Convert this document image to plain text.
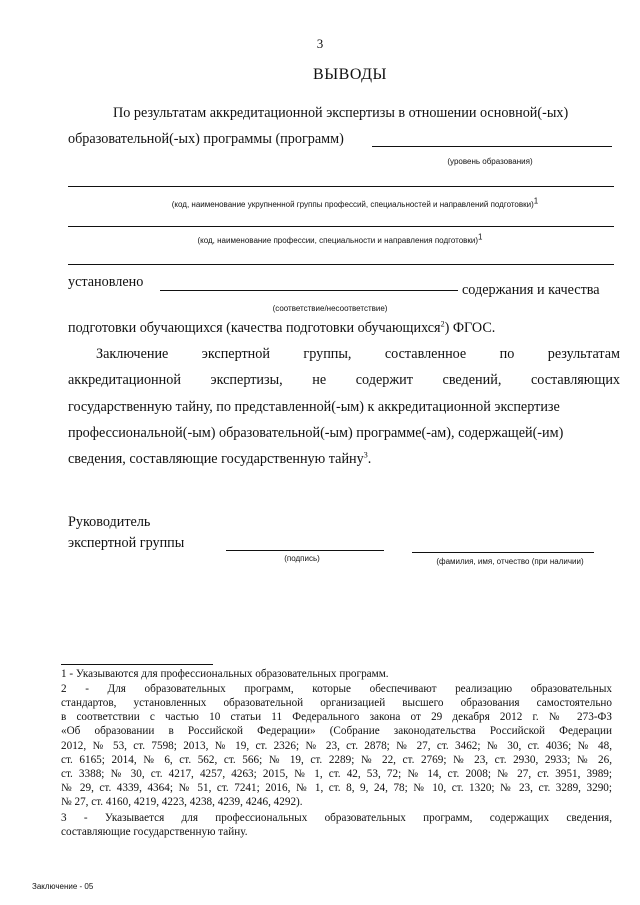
3
ВЫВОДЫ
По результатам аккредитационной экспертизы в отношении основной(-ых)
образовательной(-ых) программы (программ)
(уровень образования)
(код, наименование укрупненной группы профессий, специальностей и направлений подготовки)$^1$
(код, наименование профессии, специальности и направления подготовки)$^1$
установлено	содержания и качества
(соответствие/несоответствие)
подготовки обучающихся (качества подготовки обучающихся$^2$) ФГОС.
Заключение экспертной группы, составленное по результатам
аккредитационной экспертизы, не содержит сведений, составляющих
государственную тайну, по представленной(-ым) к аккредитационной экспертизе
профессиональной(-ым) образовательной(-ым) программе(-ам), содержащей(-им)
сведения, составляющие государственную тайну$^3$.
Руководитель
экспертной группы
(подпись)	(фамилия, имя, отчество (при наличии)
1 - Указываются для профессиональных образовательных программ.
2 - Для образовательных программ, которые обеспечивают реализацию образовательных
стандартов, установленных образовательной организацией высшего образования самостоятельно
в соответствии с частью 10 статьи 11 Федерального закона от 29 декабря 2012 г. № 273-ФЗ
«Об образовании в Российской Федерации» (Собрание законодательства Российской Федерации
2012, № 53, ст. 7598; 2013, № 19, ст. 2326; № 23, ст. 2878; № 27, ст. 3462; № 30, ст. 4036; № 48,
ст. 6165; 2014, № 6, ст. 562, ст. 566; № 19, ст. 2289; № 22, ст. 2769; № 23, ст. 2930, 2933; № 26,
ст. 3388; № 30, ст. 4217, 4257, 4263; 2015, № 1, ст. 42, 53, 72; № 14, ст. 2008; № 27, ст. 3951, 3989;
№ 29, ст. 4339, 4364; № 51, ст. 7241; 2016, № 1, ст. 8, 9, 24, 78; № 10, ст. 1320; № 23, ст. 3289, 3290;
№ 27, ст. 4160, 4219, 4223, 4238, 4239, 4246, 4292).
3 - Указывается для профессиональных образовательных программ, содержащих сведения,
составляющие государственную тайну.
Заключение - 05
